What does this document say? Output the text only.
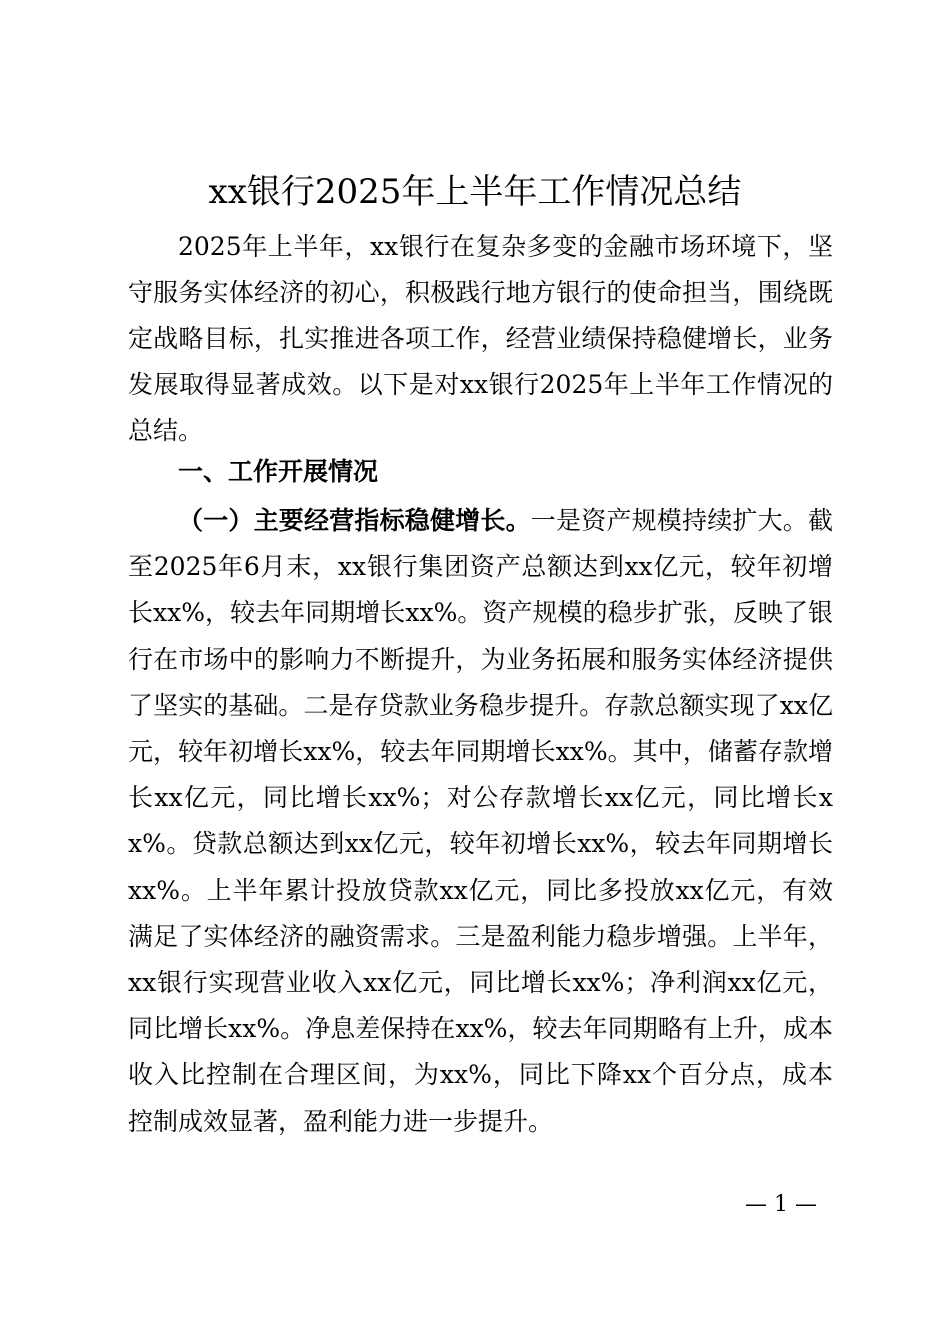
xx银行2025年上半年工作情况总结

2025年上半年，xx银行在复杂多变的金融市场环境下，坚守服务实体经济的初心，积极践行地方银行的使命担当，围绕既定战略目标，扎实推进各项工作，经营业绩保持稳健增长，业务发展取得显著成效。以下是对xx银行2025年上半年工作情况的总结。

一、工作开展情况

（一）主要经营指标稳健增长。一是资产规模持续扩大。截至2025年6月末，xx银行集团资产总额达到xx亿元，较年初增长xx%，较去年同期增长xx%。资产规模的稳步扩张，反映了银行在市场中的影响力不断提升，为业务拓展和服务实体经济提供了坚实的基础。二是存贷款业务稳步提升。存款总额实现了xx亿元，较年初增长xx%，较去年同期增长xx%。其中，储蓄存款增长xx亿元，同比增长xx%；对公存款增长xx亿元，同比增长xx%。贷款总额达到xx亿元，较年初增长xx%，较去年同期增长xx%。上半年累计投放贷款xx亿元，同比多投放xx亿元，有效满足了实体经济的融资需求。三是盈利能力稳步增强。上半年，xx银行实现营业收入xx亿元，同比增长xx%；净利润xx亿元，同比增长xx%。净息差保持在xx%，较去年同期略有上升，成本收入比控制在合理区间，为xx%，同比下降xx个百分点，成本控制成效显著，盈利能力进一步提升。

— 1 —
